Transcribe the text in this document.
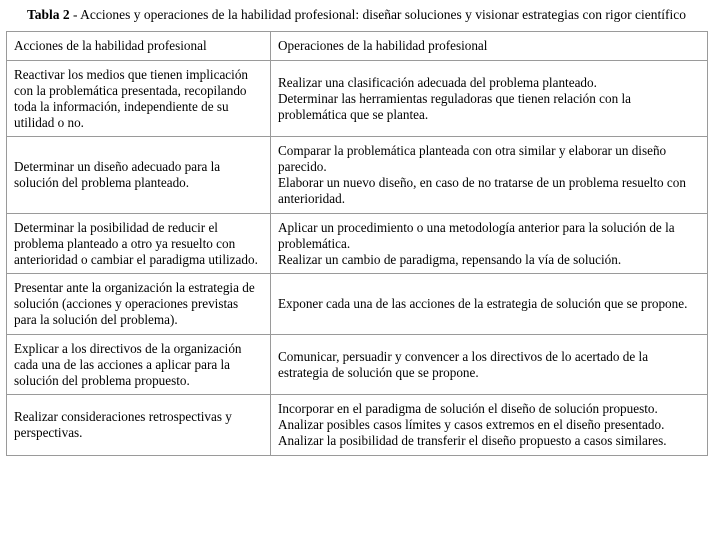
Tabla 2 - Acciones y operaciones de la habilidad profesional: diseñar soluciones y visionar estrategias con rigor científico
Acciones de la habilidad profesional	Operaciones de la habilidad profesional
Reactivar los medios que tienen implicación con la problemática presentada, recopilando toda la información, independiente de su utilidad o no.	Realizar una clasificación adecuada del problema planteado.

Determinar las herramientas reguladoras que tienen relación con la problemática que se plantea.

Determinar un diseño adecuado para la solución del problema planteado.	Comparar la problemática planteada con otra similar y elaborar un diseño parecido.

Elaborar un nuevo diseño, en caso de no tratarse de un problema resuelto con anterioridad.

Determinar la posibilidad de reducir el problema planteado a otro ya resuelto con anterioridad o cambiar el paradigma utilizado.	Aplicar un procedimiento o una metodología anterior para la solución de la problemática.

Realizar un cambio de paradigma, repensando la vía de solución.

Presentar ante la organización la estrategia de solución (acciones y operaciones previstas para la solución del problema).	Exponer cada una de las acciones de la estrategia de solución que se propone.

Explicar a los directivos de la organización cada una de las acciones a aplicar para la solución del problema propuesto.	Comunicar, persuadir y convencer a los directivos de lo acertado de la estrategia de solución que se propone.

Realizar consideraciones retrospectivas y perspectivas.	Incorporar en el paradigma de solución el diseño de solución propuesto.

Analizar posibles casos límites y casos extremos en el diseño presentado.

Analizar la posibilidad de transferir el diseño propuesto a casos similares.
